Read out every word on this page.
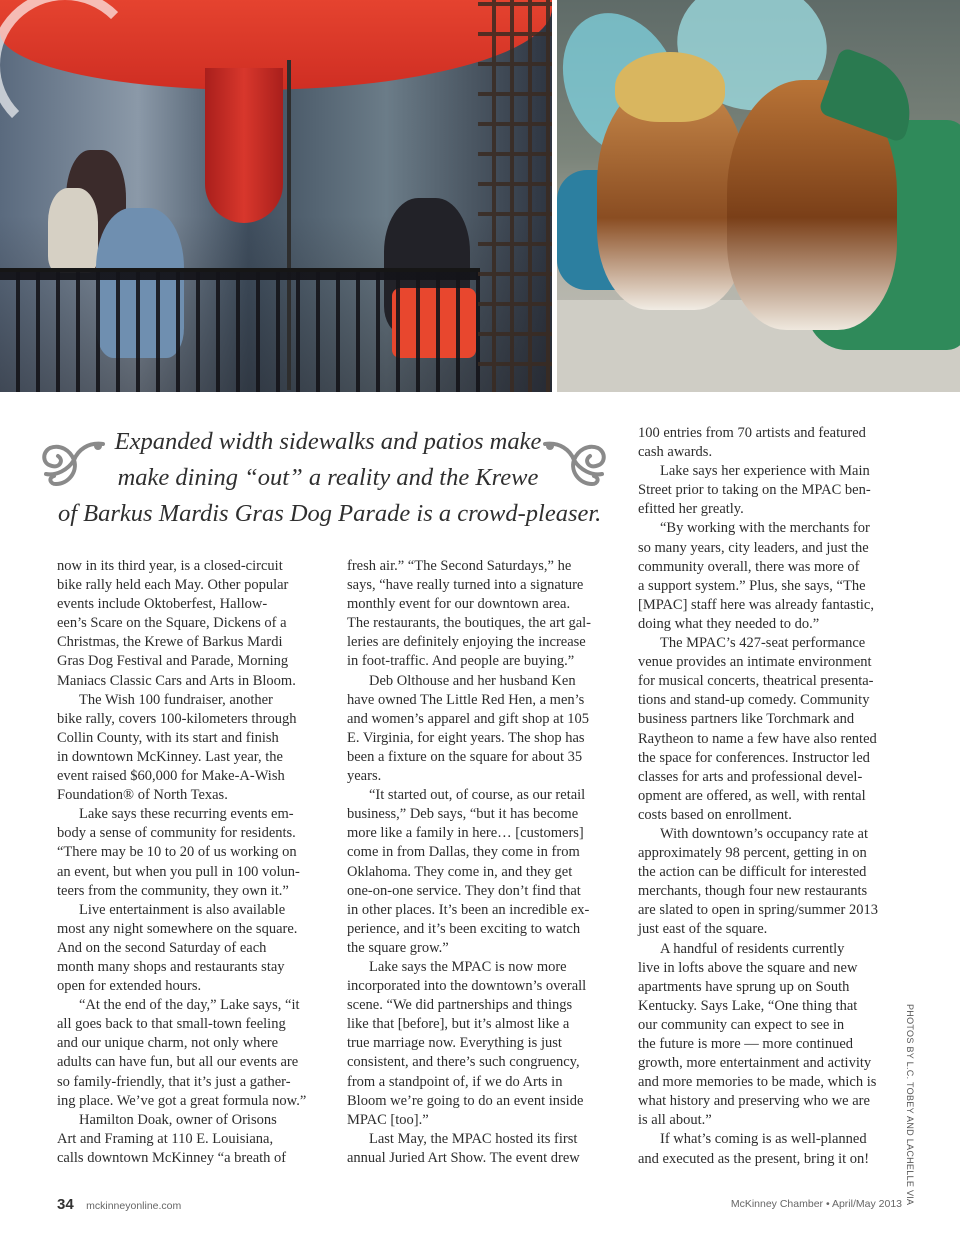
Expanded width sidewalks and patios make
make dining “out” a reality and the Krewe
of Barkus Mardis Gras Dog Parade is a crowd-pleaser.
now in its third year, is a closed-circuit
bike rally held each May. Other popular
events include Oktoberfest, Hallow-
een’s Scare on the Square, Dickens of a
Christmas, the Krewe of Barkus Mardi
Gras Dog Festival and Parade, Morning
Maniacs Classic Cars and Arts in Bloom.
The Wish 100 fundraiser, another
bike rally, covers 100-kilometers through
Collin County, with its start and finish
in downtown McKinney. Last year, the
event raised $60,000 for Make-A-Wish
Foundation® of North Texas.
Lake says these recurring events em-
body a sense of community for residents.
“There may be 10 to 20 of us working on
an event, but when you pull in 100 volun-
teers from the community, they own it.”
Live entertainment is also available
most any night somewhere on the square.
And on the second Saturday of each
month many shops and restaurants stay
open for extended hours.
“At the end of the day,” Lake says, “it
all goes back to that small-town feeling
and our unique charm, not only where
adults can have fun, but all our events are
so family-friendly, that it’s just a gather-
ing place. We’ve got a great formula now.”
Hamilton Doak, owner of Orisons
Art and Framing at 110 E. Louisiana,
calls downtown McKinney “a breath of
fresh air.” “The Second Saturdays,” he
says, “have really turned into a signature
monthly event for our downtown area.
The restaurants, the boutiques, the art gal-
leries are definitely enjoying the increase
in foot-traffic. And people are buying.”
Deb Olthouse and her husband Ken
have owned The Little Red Hen, a men’s
and women’s apparel and gift shop at 105
E. Virginia, for eight years. The shop has
been a fixture on the square for about 35
years.
“It started out, of course, as our retail
business,” Deb says, “but it has become
more like a family in here… [customers]
come in from Dallas, they come in from
Oklahoma. They come in, and they get
one-on-one service. They don’t find that
in other places. It’s been an incredible ex-
perience, and it’s been exciting to watch
the square grow.”
Lake says the MPAC is now more
incorporated into the downtown’s overall
scene. “We did partnerships and things
like that [before], but it’s almost like a
true marriage now. Everything is just
consistent, and there’s such congruency,
from a standpoint of, if we do Arts in
Bloom we’re going to do an event inside
MPAC [too].”
Last May, the MPAC hosted its first
annual Juried Art Show. The event drew
100 entries from 70 artists and featured
cash awards.
Lake says her experience with Main
Street prior to taking on the MPAC ben-
efitted her greatly.
“By working with the merchants for
so many years, city leaders, and just the
community overall, there was more of
a support system.” Plus, she says, “The
[MPAC] staff here was already fantastic,
doing what they needed to do.”
The MPAC’s 427-seat performance
venue provides an intimate environment
for musical concerts, theatrical presenta-
tions and stand-up comedy. Community
business partners like Torchmark and
Raytheon to name a few have also rented
the space for conferences. Instructor led
classes for arts and professional devel-
opment are offered, as well, with rental
costs based on enrollment.
With downtown’s occupancy rate at
approximately 98 percent, getting in on
the action can be difficult for interested
merchants, though four new restaurants
are slated to open in spring/summer 2013
just east of the square.
A handful of residents currently
live in lofts above the square and new
apartments have sprung up on South
Kentucky. Says Lake, “One thing that
our community can expect to see in
the future is more — more continued
growth, more entertainment and activity
and more memories to be made, which is
what history and preserving who we are
is all about.”
If what’s coming is as well-planned
and executed as the present, bring it on!	PHOTOS BY L.C. TOBEY AND LACHELLE VIA
34 mckinneyonline.com	McKinney Chamber • April/May 2013
